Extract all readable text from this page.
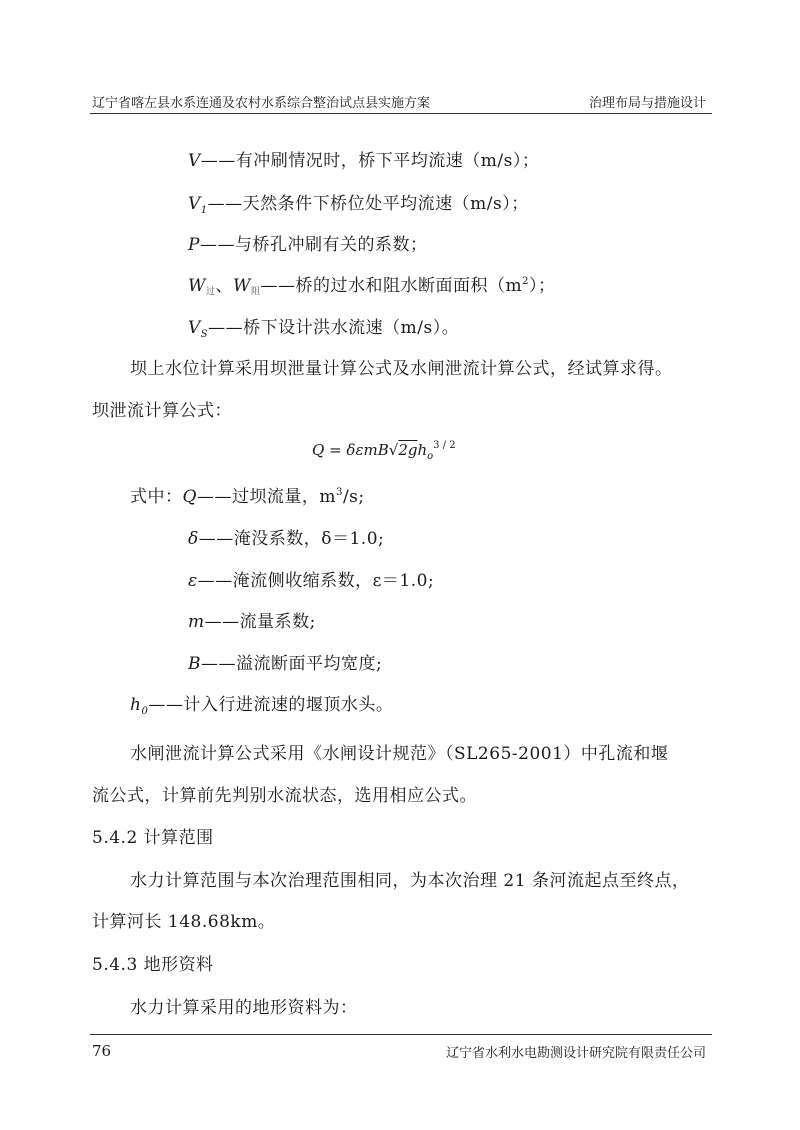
辽宁省喀左县水系连通及农村水系综合整治试点县实施方案	治理布局与措施设计
V——有冲刷情况时，桥下平均流速（m/s）；
$V_1——$天然条件下桥位处平均流速（m/s）；
P——与桥孔冲刷有关的系数；
W过、W阻——桥的过水和阻水断面面积$(m^2)$；
$V_S——$桥下设计洪水流速（m/s）。
坝上水位计算采用坝泄量计算公式及水闸泄流计算公式，经试算求得。
坝泄流计算公式：
$Q = \delta\varepsilon mB√2gh_o^{3 / 2}$
式中：Q——过坝流量，$m^3/s$;
δ——淹没系数，δ＝1.0;
ε——淹流侧收缩系数，ε＝1.0;
m——流量系数;
B——溢流断面平均宽度;
$h_0——$计入行进流速的堰顶水头。
水闸泄流计算公式采用《水闸设计规范》（SL265-2001）中孔流和堰
流公式，计算前先判别水流状态，选用相应公式。
5.4.2 计算范围
水力计算范围与本次治理范围相同，为本次治理 21 条河流起点至终点，
计算河长 148.68km。
5.4.3 地形资料
水力计算采用的地形资料为：
76	辽宁省水利水电勘测设计研究院有限责任公司
